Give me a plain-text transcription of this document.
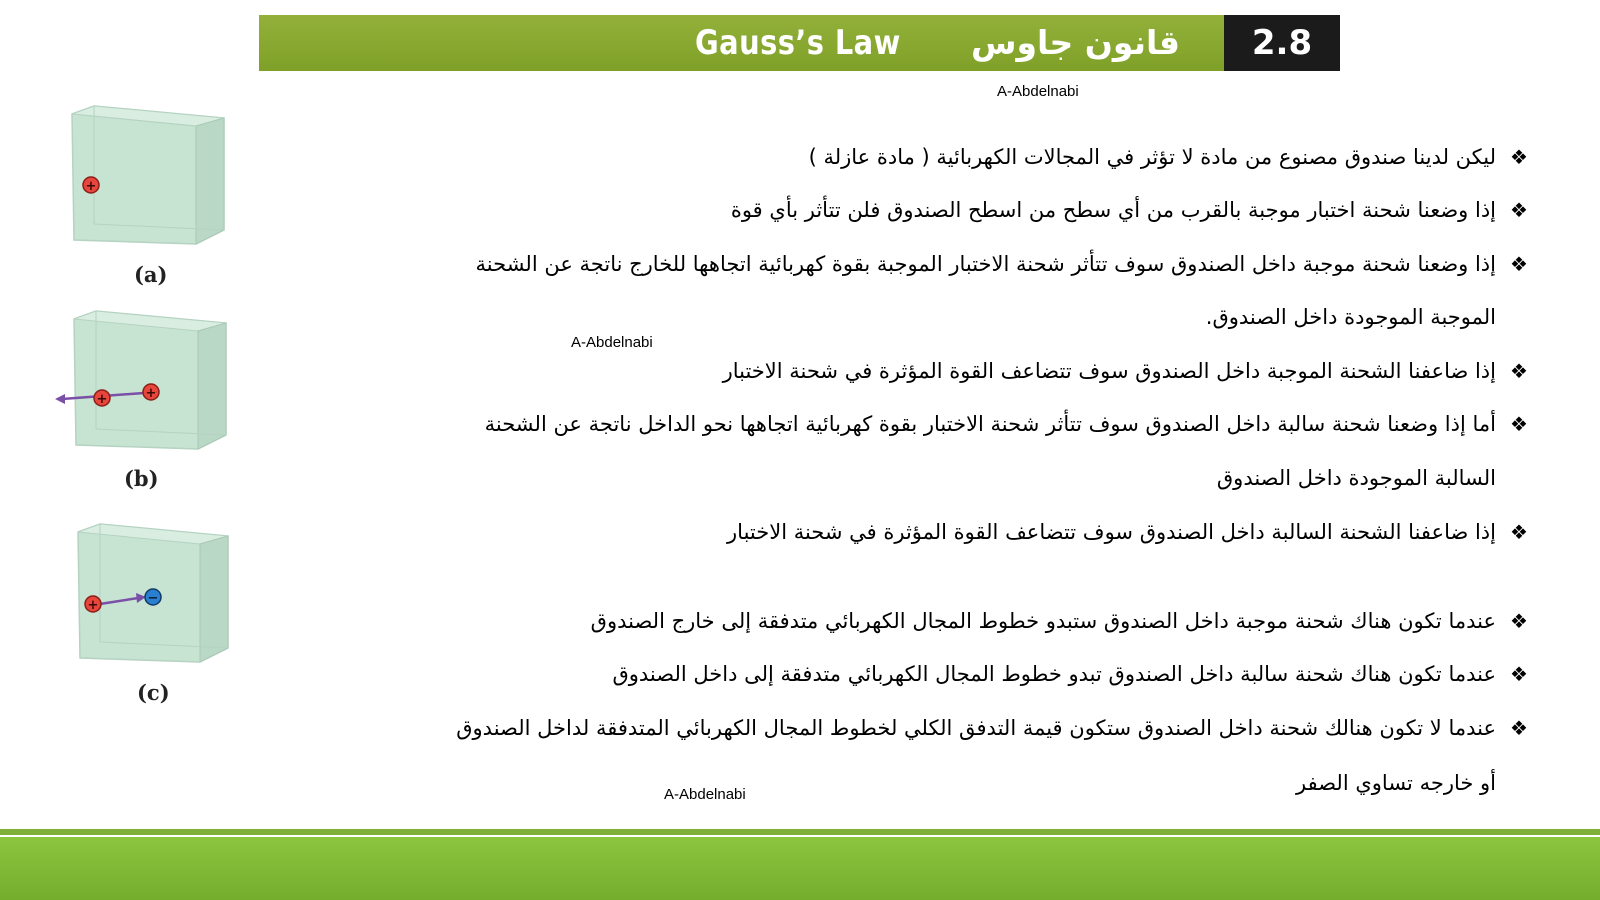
Gauss’s Law قانون جاوس 2.8
A-Abdelnabi
A-Abdelnabi
A-Abdelnabi
❖
ليكن لدينا صندوق مصنوع من مادة لا تؤثر في المجالات الكهربائية ( مادة عازلة )
❖
إذا وضعنا شحنة اختبار موجبة بالقرب من أي سطح من اسطح الصندوق فلن تتأثر بأي قوة
❖
إذا وضعنا شحنة موجبة داخل الصندوق سوف تتأثر شحنة الاختبار الموجبة بقوة كهربائية اتجاهها للخارج ناتجة عن الشحنة
الموجبة الموجودة داخل الصندوق.
❖
إذا ضاعفنا الشحنة الموجبة داخل الصندوق سوف تتضاعف القوة المؤثرة في شحنة الاختبار
❖
أما إذا وضعنا شحنة سالبة داخل الصندوق سوف تتأثر شحنة الاختبار بقوة كهربائية اتجاهها نحو الداخل ناتجة عن الشحنة
السالبة الموجودة داخل الصندوق
❖
إذا ضاعفنا الشحنة السالبة داخل الصندوق سوف تتضاعف القوة المؤثرة في شحنة الاختبار
❖
عندما تكون هناك شحنة موجبة داخل الصندوق ستبدو خطوط المجال الكهربائي متدفقة إلى خارج الصندوق
❖
عندما تكون هناك شحنة سالبة داخل الصندوق تبدو خطوط المجال الكهربائي متدفقة إلى داخل الصندوق
❖
عندما لا تكون هنالك شحنة داخل الصندوق ستكون قيمة التدفق الكلي لخطوط المجال الكهربائي المتدفقة لداخل الصندوق
أو خارجه تساوي الصفر
+
(a)
+	+
(b)
+	−
(c)
